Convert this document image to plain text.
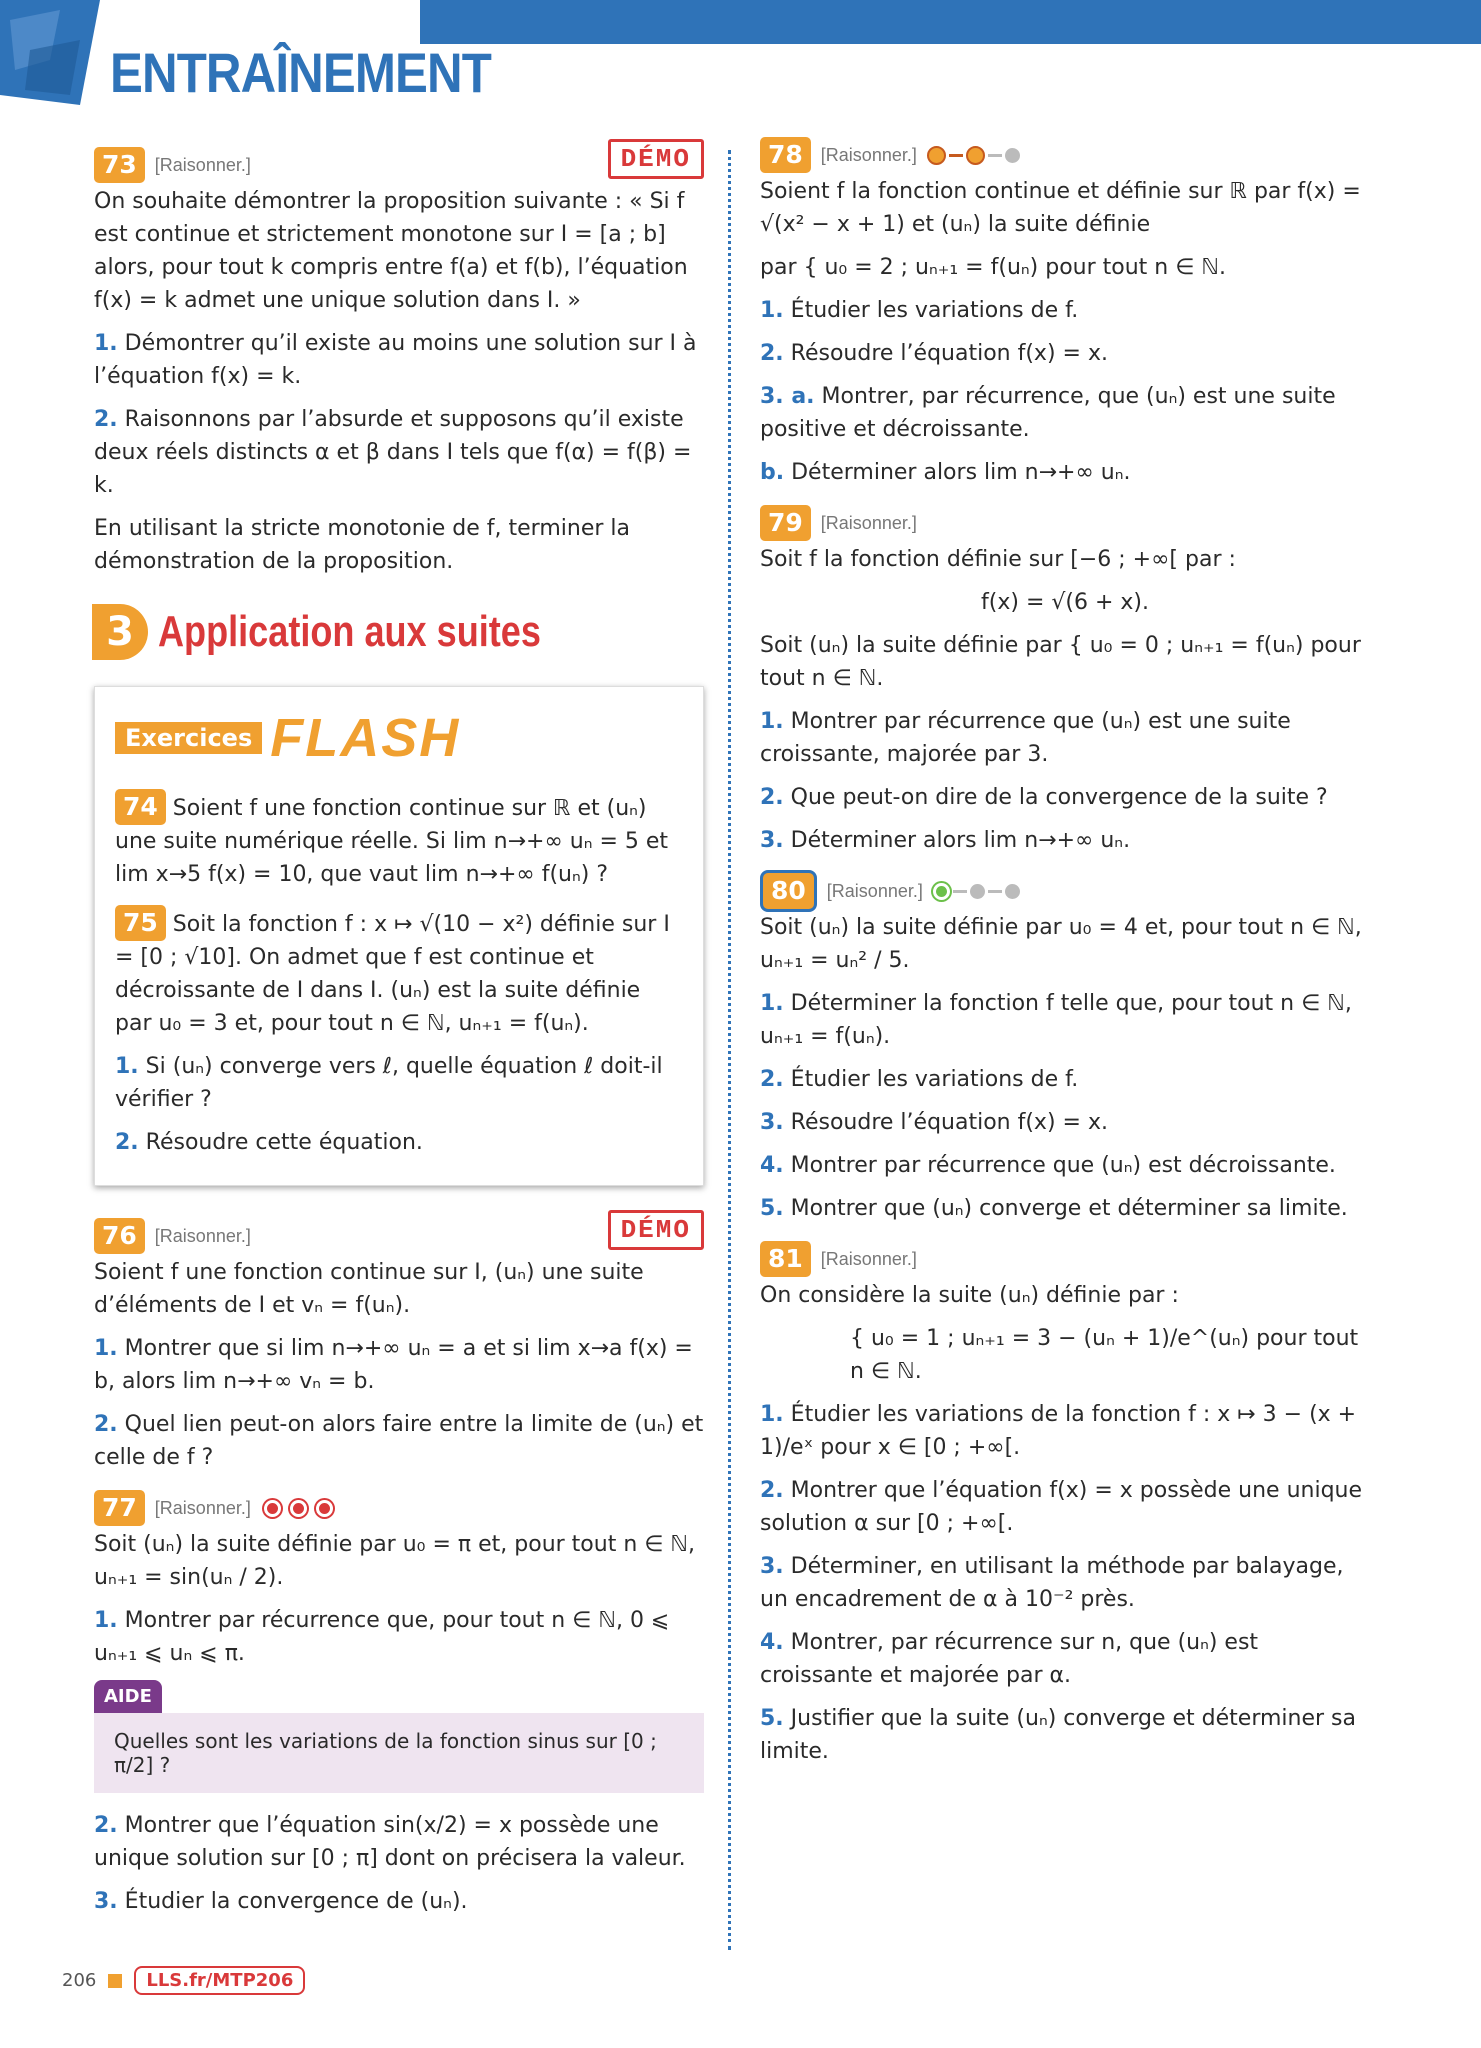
ENTRAÎNEMENT
73	[Raisonner.]	DÉMO

On souhaite démontrer la proposition suivante : « Si f est continue et strictement monotone sur I = [a ; b] alors, pour tout k compris entre f(a) et f(b), l’équation f(x) = k admet une unique solution dans I. »

1. Démontrer qu’il existe au moins une solution sur I à l’équation f(x) = k.

2. Raisonnons par l’absurde et supposons qu’il existe deux réels distincts α et β dans I tels que f(α) = f(β) = k.

En utilisant la stricte monotonie de f, terminer la démonstration de la proposition.

3 Application aux suites
Exercices FLASH

74 Soient f une fonction continue sur ℝ et (uₙ) une suite numérique réelle. Si lim n→+∞ uₙ = 5 et lim x→5 f(x) = 10, que vaut lim n→+∞ f(uₙ) ?

75 Soit la fonction f : x ↦ √(10 − x²) définie sur I = [0 ; √10]. On admet que f est continue et décroissante de I dans I. (uₙ) est la suite définie par u₀ = 3 et, pour tout n ∈ ℕ, uₙ₊₁ = f(uₙ).

1. Si (uₙ) converge vers ℓ, quelle équation ℓ doit-il vérifier ?

2. Résoudre cette équation.

76	[Raisonner.]	DÉMO

Soient f une fonction continue sur I, (uₙ) une suite d’éléments de I et vₙ = f(uₙ).

1. Montrer que si lim n→+∞ uₙ = a et si lim x→a f(x) = b, alors lim n→+∞ vₙ = b.

2. Quel lien peut-on alors faire entre la limite de (uₙ) et celle de f ?

77	[Raisonner.]

Soit (uₙ) la suite définie par u₀ = π et, pour tout n ∈ ℕ, uₙ₊₁ = sin(uₙ / 2).

1. Montrer par récurrence que, pour tout n ∈ ℕ, 0 ⩽ uₙ₊₁ ⩽ uₙ ⩽ π.

AIDE
Quelles sont les variations de la fonction sinus sur [0 ; π/2] ?

2. Montrer que l’équation sin(x/2) = x possède une unique solution sur [0 ; π] dont on précisera la valeur.

3. Étudier la convergence de (uₙ).

78	[Raisonner.]

Soient f la fonction continue et définie sur ℝ par f(x) = √(x² − x + 1) et (uₙ) la suite définie

par { u₀ = 2 ; uₙ₊₁ = f(uₙ) pour tout n ∈ ℕ.

1. Étudier les variations de f.

2. Résoudre l’équation f(x) = x.

3. a. Montrer, par récurrence, que (uₙ) est une suite positive et décroissante.

b. Déterminer alors lim n→+∞ uₙ.

79	[Raisonner.]

Soit f la fonction définie sur [−6 ; +∞[ par :

f(x) = √(6 + x).

Soit (uₙ) la suite définie par { u₀ = 0 ; uₙ₊₁ = f(uₙ) pour tout n ∈ ℕ.

1. Montrer par récurrence que (uₙ) est une suite croissante, majorée par 3.

2. Que peut-on dire de la convergence de la suite ?

3. Déterminer alors lim n→+∞ uₙ.

80	[Raisonner.]

Soit (uₙ) la suite définie par u₀ = 4 et, pour tout n ∈ ℕ, uₙ₊₁ = uₙ² / 5.

1. Déterminer la fonction f telle que, pour tout n ∈ ℕ, uₙ₊₁ = f(uₙ).

2. Étudier les variations de f.

3. Résoudre l’équation f(x) = x.

4. Montrer par récurrence que (uₙ) est décroissante.

5. Montrer que (uₙ) converge et déterminer sa limite.

81	[Raisonner.]

On considère la suite (uₙ) définie par :

{ u₀ = 1 ; uₙ₊₁ = 3 − (uₙ + 1)/e^(uₙ) pour tout n ∈ ℕ.

1. Étudier les variations de la fonction f : x ↦ 3 − (x + 1)/eˣ pour x ∈ [0 ; +∞[.

2. Montrer que l’équation f(x) = x possède une unique solution α sur [0 ; +∞[.

3. Déterminer, en utilisant la méthode par balayage, un encadrement de α à 10⁻² près.

4. Montrer, par récurrence sur n, que (uₙ) est croissante et majorée par α.

5. Justifier que la suite (uₙ) converge et déterminer sa limite.

206	LLS.fr/MTP206
